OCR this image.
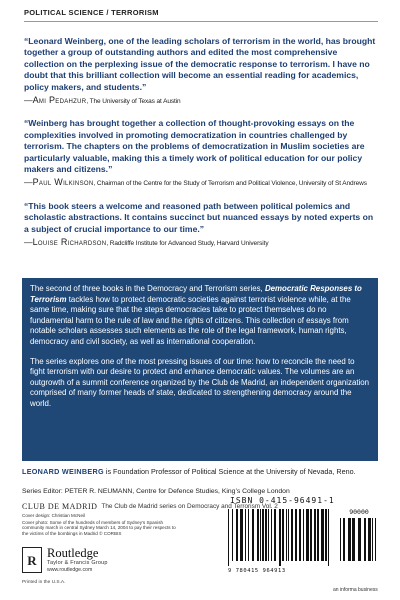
POLITICAL SCIENCE / TERRORISM

“Leonard Weinberg, one of the leading scholars of terrorism in the world, has brought together a group of outstanding authors and edited the most comprehensive collection on the perplexing issue of the democratic response to terrorism. I have no doubt that this brilliant collection will become an essential reading for academics, policy makers, and students.”

—Ami Pedahzur, The University of Texas at Austin

“Weinberg has brought together a collection of thought-provoking essays on the complexities involved in promoting democratization in countries challenged by terrorism. The chapters on the problems of democratization in Muslim societies are particularly valuable, making this a timely work of political education for our policy makers and citizens.”

—Paul Wilkinson, Chairman of the Centre for the Study of Terrorism and Political Violence, University of St Andrews

“This book steers a welcome and reasoned path between political polemics and scholastic abstractions. It contains succinct but nuanced essays by noted experts on a subject of crucial importance to our time.”

—Louise Richardson, Radcliffe Institute for Advanced Study, Harvard University

The second of three books in the Democracy and Terrorism series, Democratic Responses to Terrorism tackles how to protect democratic societies against terrorist violence while, at the same time, making sure that the steps democracies take to protect themselves do no fundamental harm to the rule of law and the rights of citizens. This collection of essays from notable scholars assesses such elements as the role of the legal framework, human rights, democracy and civil society, as well as international cooperation.

The series explores one of the most pressing issues of our time: how to reconcile the need to fight terrorism with our desire to protect and enhance democratic values. The volumes are an outgrowth of a summit conference organized by the Club de Madrid, an independent organization comprised of many former heads of state, dedicated to strengthening democracy around the world.

LEONARD WEINBERG is Foundation Professor of Political Science at the University of Nevada, Reno.
Series Editor: PETER R. NEUMANN, Centre for Defence Studies, King’s College London
CLUB DE MADRID The Club de Madrid series on Democracy and Terrorism Vol. 2

Cover design: Christian McNeil

Cover photo: Some of the hundreds of members of Sydney's Spanish community march in central Sydney March 14, 2004 to pay their respects to the victims of the bombings in Madrid © CORBIS

R Routledge
Taylor & Francis Group
www.routledge.com
Printed in the U.S.A.
ISBN 0-415-96491-1
90000
9 780415 964913
an informa business
